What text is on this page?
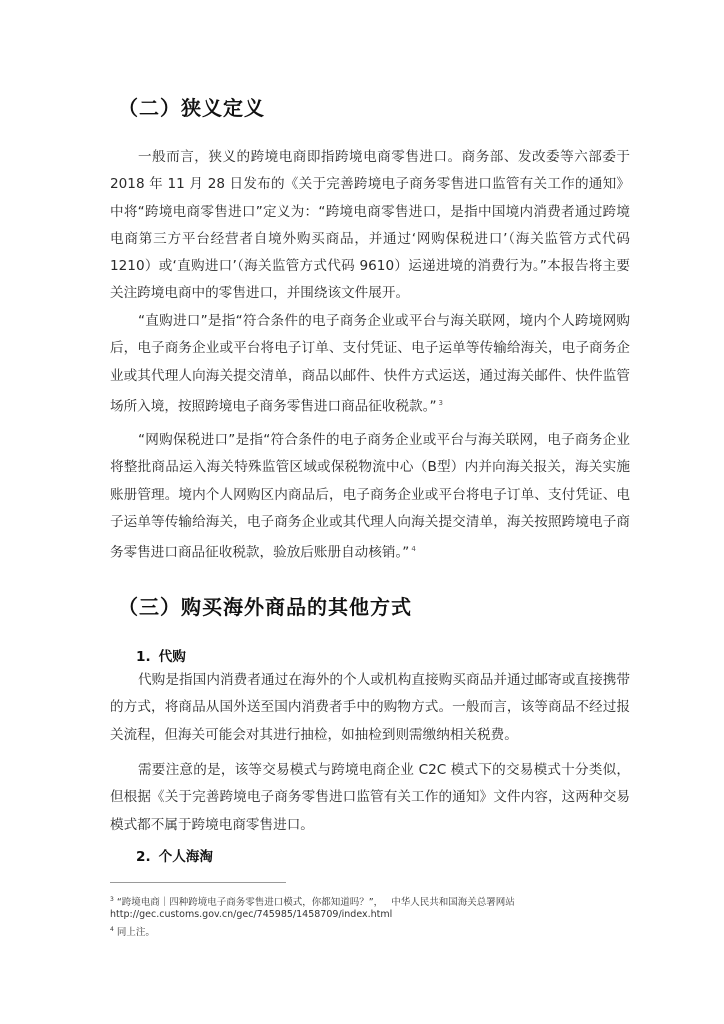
（二）狭义定义

一般而言，狭义的跨境电商即指跨境电商零售进口。商务部、发改委等六部委于 2018 年 11 月 28 日发布的《关于完善跨境电子商务零售进口监管有关工作的通知》中将“跨境电商零售进口”定义为：“跨境电商零售进口，是指中国境内消费者通过跨境电商第三方平台经营者自境外购买商品，并通过‘网购保税进口’（海关监管方式代码 1210）或‘直购进口’（海关监管方式代码 9610）运递进境的消费行为。”本报告将主要关注跨境电商中的零售进口，并围绕该文件展开。

“直购进口”是指“符合条件的电子商务企业或平台与海关联网，境内个人跨境网购后，电子商务企业或平台将电子订单、支付凭证、电子运单等传输给海关，电子商务企业或其代理人向海关提交清单，商品以邮件、快件方式运送，通过海关邮件、快件监管场所入境，按照跨境电子商务零售进口商品征收税款。” $^3$

“网购保税进口”是指“符合条件的电子商务企业或平台与海关联网，电子商务企业将整批商品运入海关特殊监管区域或保税物流中心（B型）内并向海关报关，海关实施账册管理。境内个人网购区内商品后，电子商务企业或平台将电子订单、支付凭证、电子运单等传输给海关，电子商务企业或其代理人向海关提交清单，海关按照跨境电子商务零售进口商品征收税款，验放后账册自动核销。” $^4$

（三）购买海外商品的其他方式
1. 代购

代购是指国内消费者通过在海外的个人或机构直接购买商品并通过邮寄或直接携带的方式，将商品从国外送至国内消费者手中的购物方式。一般而言，该等商品不经过报关流程，但海关可能会对其进行抽检，如抽检到则需缴纳相关税费。

需要注意的是，该等交易模式与跨境电商企业 C2C 模式下的交易模式十分类似，但根据《关于完善跨境电子商务零售进口监管有关工作的通知》文件内容，这两种交易模式都不属于跨境电商零售进口。

2. 个人海淘
$^3$ “跨境电商｜四种跨境电子商务零售进口模式，你都知道吗？”， 中华人民共和国海关总署网站
http://gec.customs.gov.cn/gec/745985/1458709/index.html
$^4$ 同上注。
